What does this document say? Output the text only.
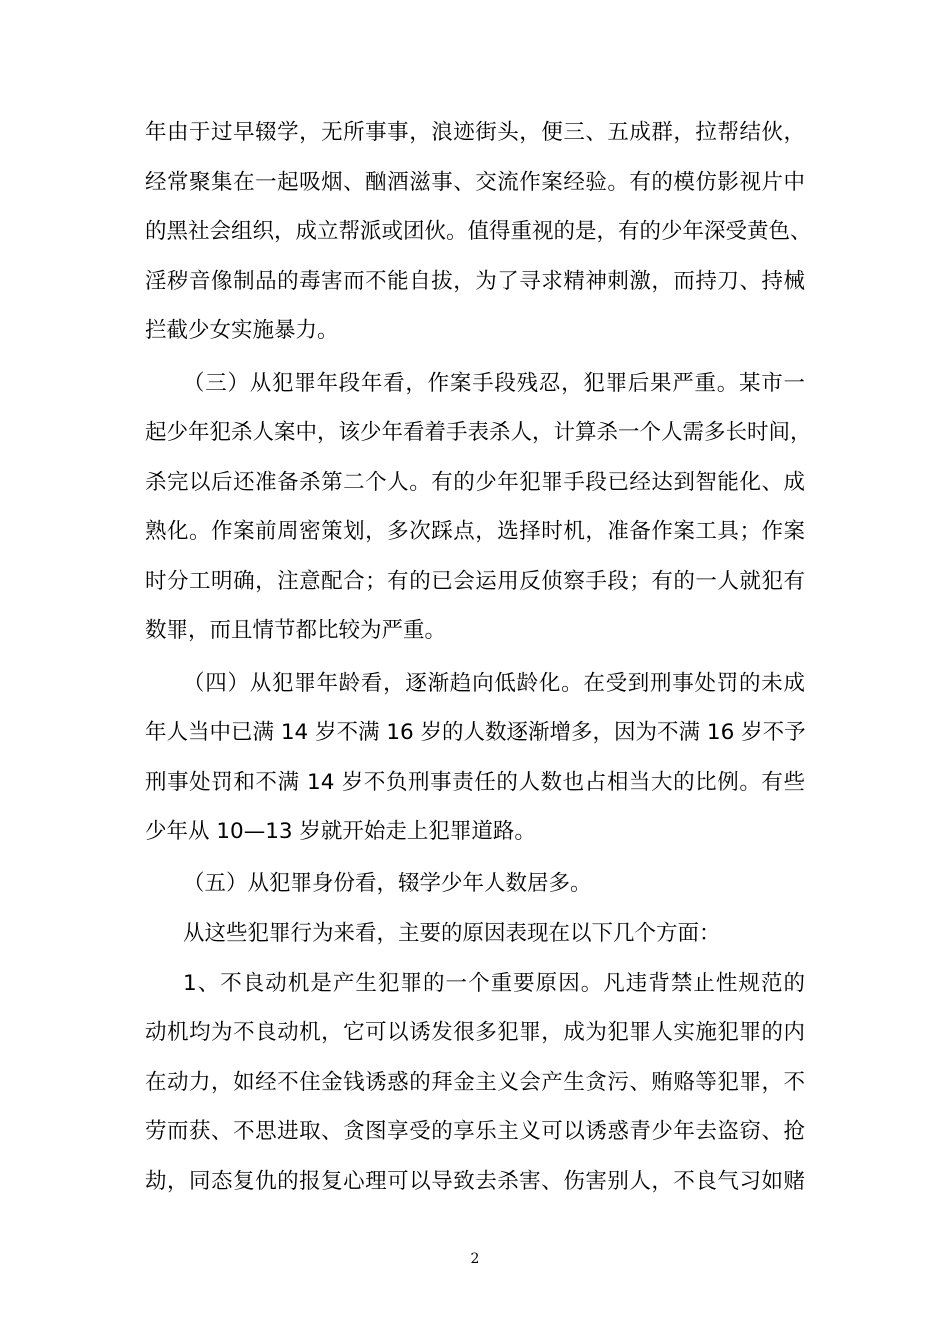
年由于过早辍学，无所事事，浪迹街头，便三、五成群，拉帮结伙，
经常聚集在一起吸烟、酗酒滋事、交流作案经验。有的模仿影视片中
的黑社会组织，成立帮派或团伙。值得重视的是，有的少年深受黄色、
淫秽音像制品的毒害而不能自拔，为了寻求精神刺激，而持刀、持械
拦截少女实施暴力。
（三）从犯罪年段年看，作案手段残忍，犯罪后果严重。某市一
起少年犯杀人案中，该少年看着手表杀人，计算杀一个人需多长时间，
杀完以后还准备杀第二个人。有的少年犯罪手段已经达到智能化、成
熟化。作案前周密策划，多次踩点，选择时机，准备作案工具；作案
时分工明确，注意配合；有的已会运用反侦察手段；有的一人就犯有
数罪，而且情节都比较为严重。
（四）从犯罪年龄看，逐渐趋向低龄化。在受到刑事处罚的未成
年人当中已满 14 岁不满 16 岁的人数逐渐增多，因为不满 16 岁不予
刑事处罚和不满 14 岁不负刑事责任的人数也占相当大的比例。有些
少年从 10—13 岁就开始走上犯罪道路。
（五）从犯罪身份看，辍学少年人数居多。
从这些犯罪行为来看，主要的原因表现在以下几个方面：
1、不良动机是产生犯罪的一个重要原因。凡违背禁止性规范的
动机均为不良动机，它可以诱发很多犯罪，成为犯罪人实施犯罪的内
在动力，如经不住金钱诱惑的拜金主义会产生贪污、贿赂等犯罪，不
劳而获、不思进取、贪图享受的享乐主义可以诱惑青少年去盗窃、抢
劫，同态复仇的报复心理可以导致去杀害、伤害别人，不良气习如赌
2
